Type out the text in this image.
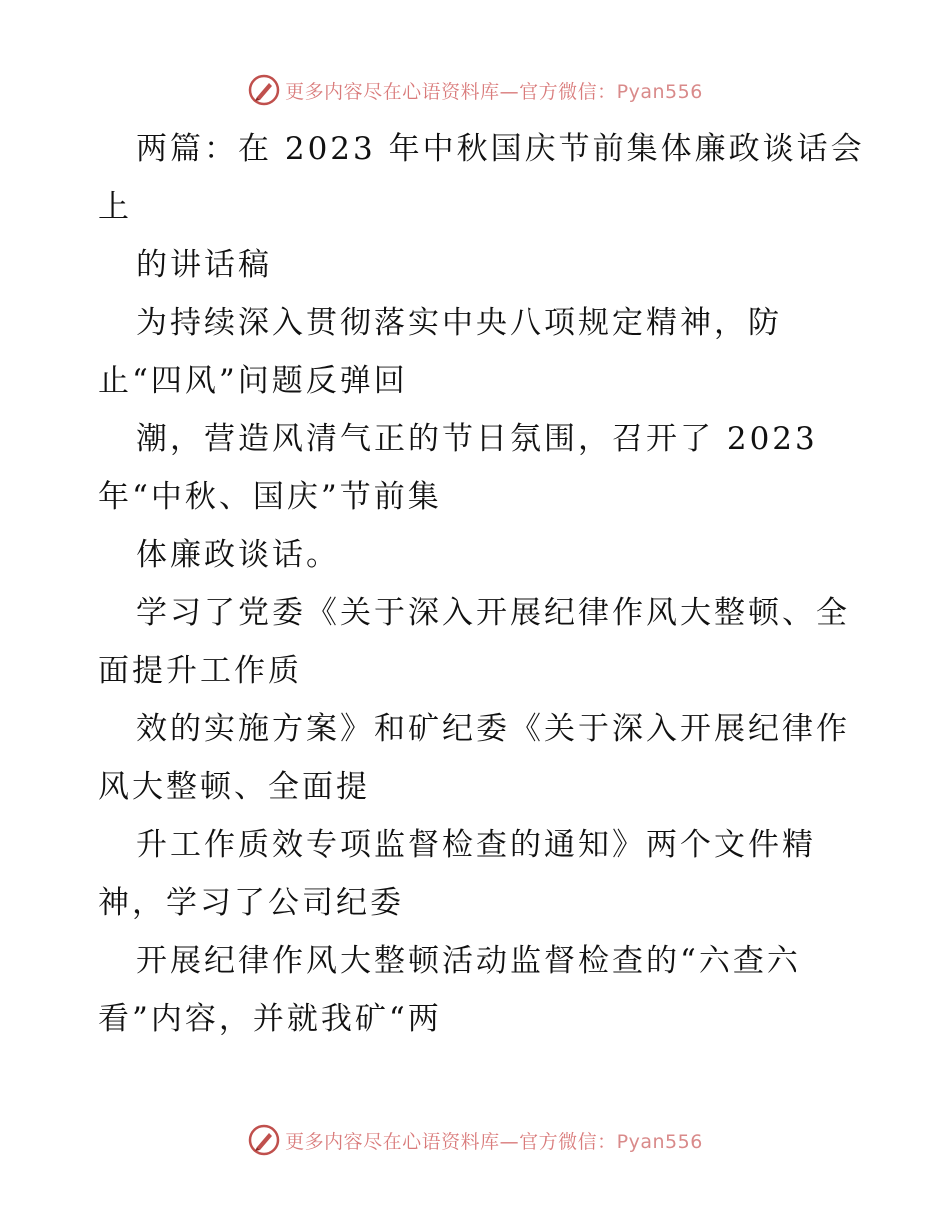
更多内容尽在心语资料库—官方微信：Pyan556
两篇：在 2023 年中秋国庆节前集体廉政谈话会
上
的讲话稿
为持续深入贯彻落实中央八项规定精神，防
止“四风”问题反弹回
潮，营造风清气正的节日氛围，召开了 2023
年“中秋、国庆”节前集
体廉政谈话。
学习了党委《关于深入开展纪律作风大整顿、全
面提升工作质
效的实施方案》和矿纪委《关于深入开展纪律作
风大整顿、全面提
升工作质效专项监督检查的通知》两个文件精
神，学习了公司纪委
开展纪律作风大整顿活动监督检查的“六查六
看”内容，并就我矿“两
更多内容尽在心语资料库—官方微信：Pyan556
